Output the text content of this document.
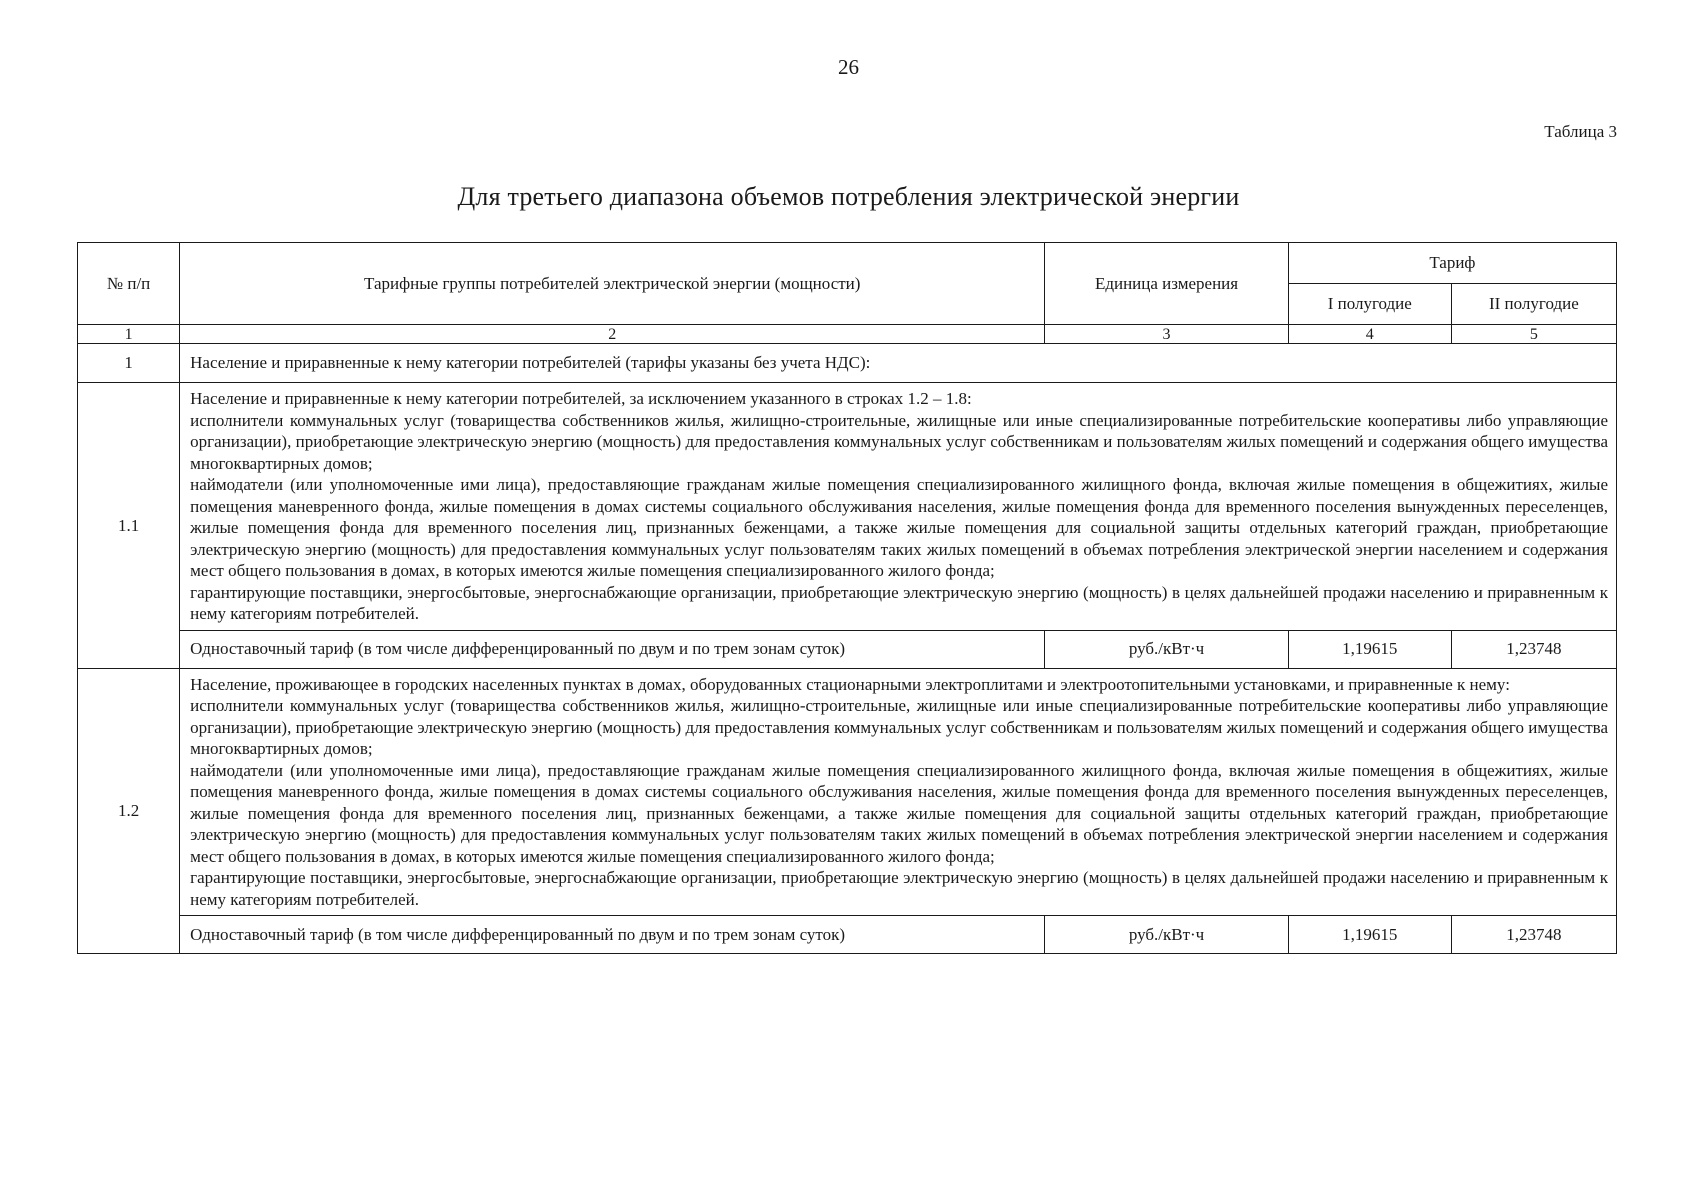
26
Таблица 3
Для третьего диапазона объемов потребления электрической энергии
№ п/п	Тарифные группы потребителей электрической энергии (мощности)	Единица измерения	Тариф	
			I полугодие	II полугодие
1	2	3	4	5
1	Население и приравненные к нему категории потребителей (тарифы указаны без учета НДС):			
1.1	Население и приравненные к нему категории потребителей, за исключением указанного в строках 1.2 – 1.8:

исполнители коммунальных услуг (товарищества собственников жилья, жилищно-строительные, жилищные или иные специализированные потребительские кооперативы либо управляющие организации), приобретающие электрическую энергию (мощность) для предоставления коммунальных услуг собственникам и пользователям жилых помещений и содержания общего имущества многоквартирных домов;

наймодатели (или уполномоченные ими лица), предоставляющие гражданам жилые помещения специализированного жилищного фонда, включая жилые помещения в общежитиях, жилые помещения маневренного фонда, жилые помещения в домах системы социального обслуживания населения, жилые помещения фонда для временного поселения вынужденных переселенцев, жилые помещения фонда для временного поселения лиц, признанных беженцами, а также жилые помещения для социальной защиты отдельных категорий граждан, приобретающие электрическую энергию (мощность) для предоставления коммунальных услуг пользователям таких жилых помещений в объемах потребления электрической энергии населением и содержания мест общего пользования в домах, в которых имеются жилые помещения специализированного жилого фонда;

гарантирующие поставщики, энергосбытовые, энергоснабжающие организации, приобретающие электрическую энергию (мощность) в целях дальнейшей продажи населению и приравненным к нему категориям потребителей.			

	Одноставочный тариф (в том числе дифференцированный по двум и по трем зонам суток)	руб./кВт·ч	1,19615	1,23748
1.2	Население, проживающее в городских населенных пунктах в домах, оборудованных стационарными электроплитами и электроотопительными установками, и приравненные к нему:

исполнители коммунальных услуг (товарищества собственников жилья, жилищно-строительные, жилищные или иные специализированные потребительские кооперативы либо управляющие организации), приобретающие электрическую энергию (мощность) для предоставления коммунальных услуг собственникам и пользователям жилых помещений и содержания общего имущества многоквартирных домов;

наймодатели (или уполномоченные ими лица), предоставляющие гражданам жилые помещения специализированного жилищного фонда, включая жилые помещения в общежитиях, жилые помещения маневренного фонда, жилые помещения в домах системы социального обслуживания населения, жилые помещения фонда для временного поселения вынужденных переселенцев, жилые помещения фонда для временного поселения лиц, признанных беженцами, а также жилые помещения для социальной защиты отдельных категорий граждан, приобретающие электрическую энергию (мощность) для предоставления коммунальных услуг пользователям таких жилых помещений в объемах потребления электрической энергии населением и содержания мест общего пользования в домах, в которых имеются жилые помещения специализированного жилого фонда;

гарантирующие поставщики, энергосбытовые, энергоснабжающие организации, приобретающие электрическую энергию (мощность) в целях дальнейшей продажи населению и приравненным к нему категориям потребителей.			

	Одноставочный тариф (в том числе дифференцированный по двум и по трем зонам суток)	руб./кВт·ч	1,19615	1,23748
